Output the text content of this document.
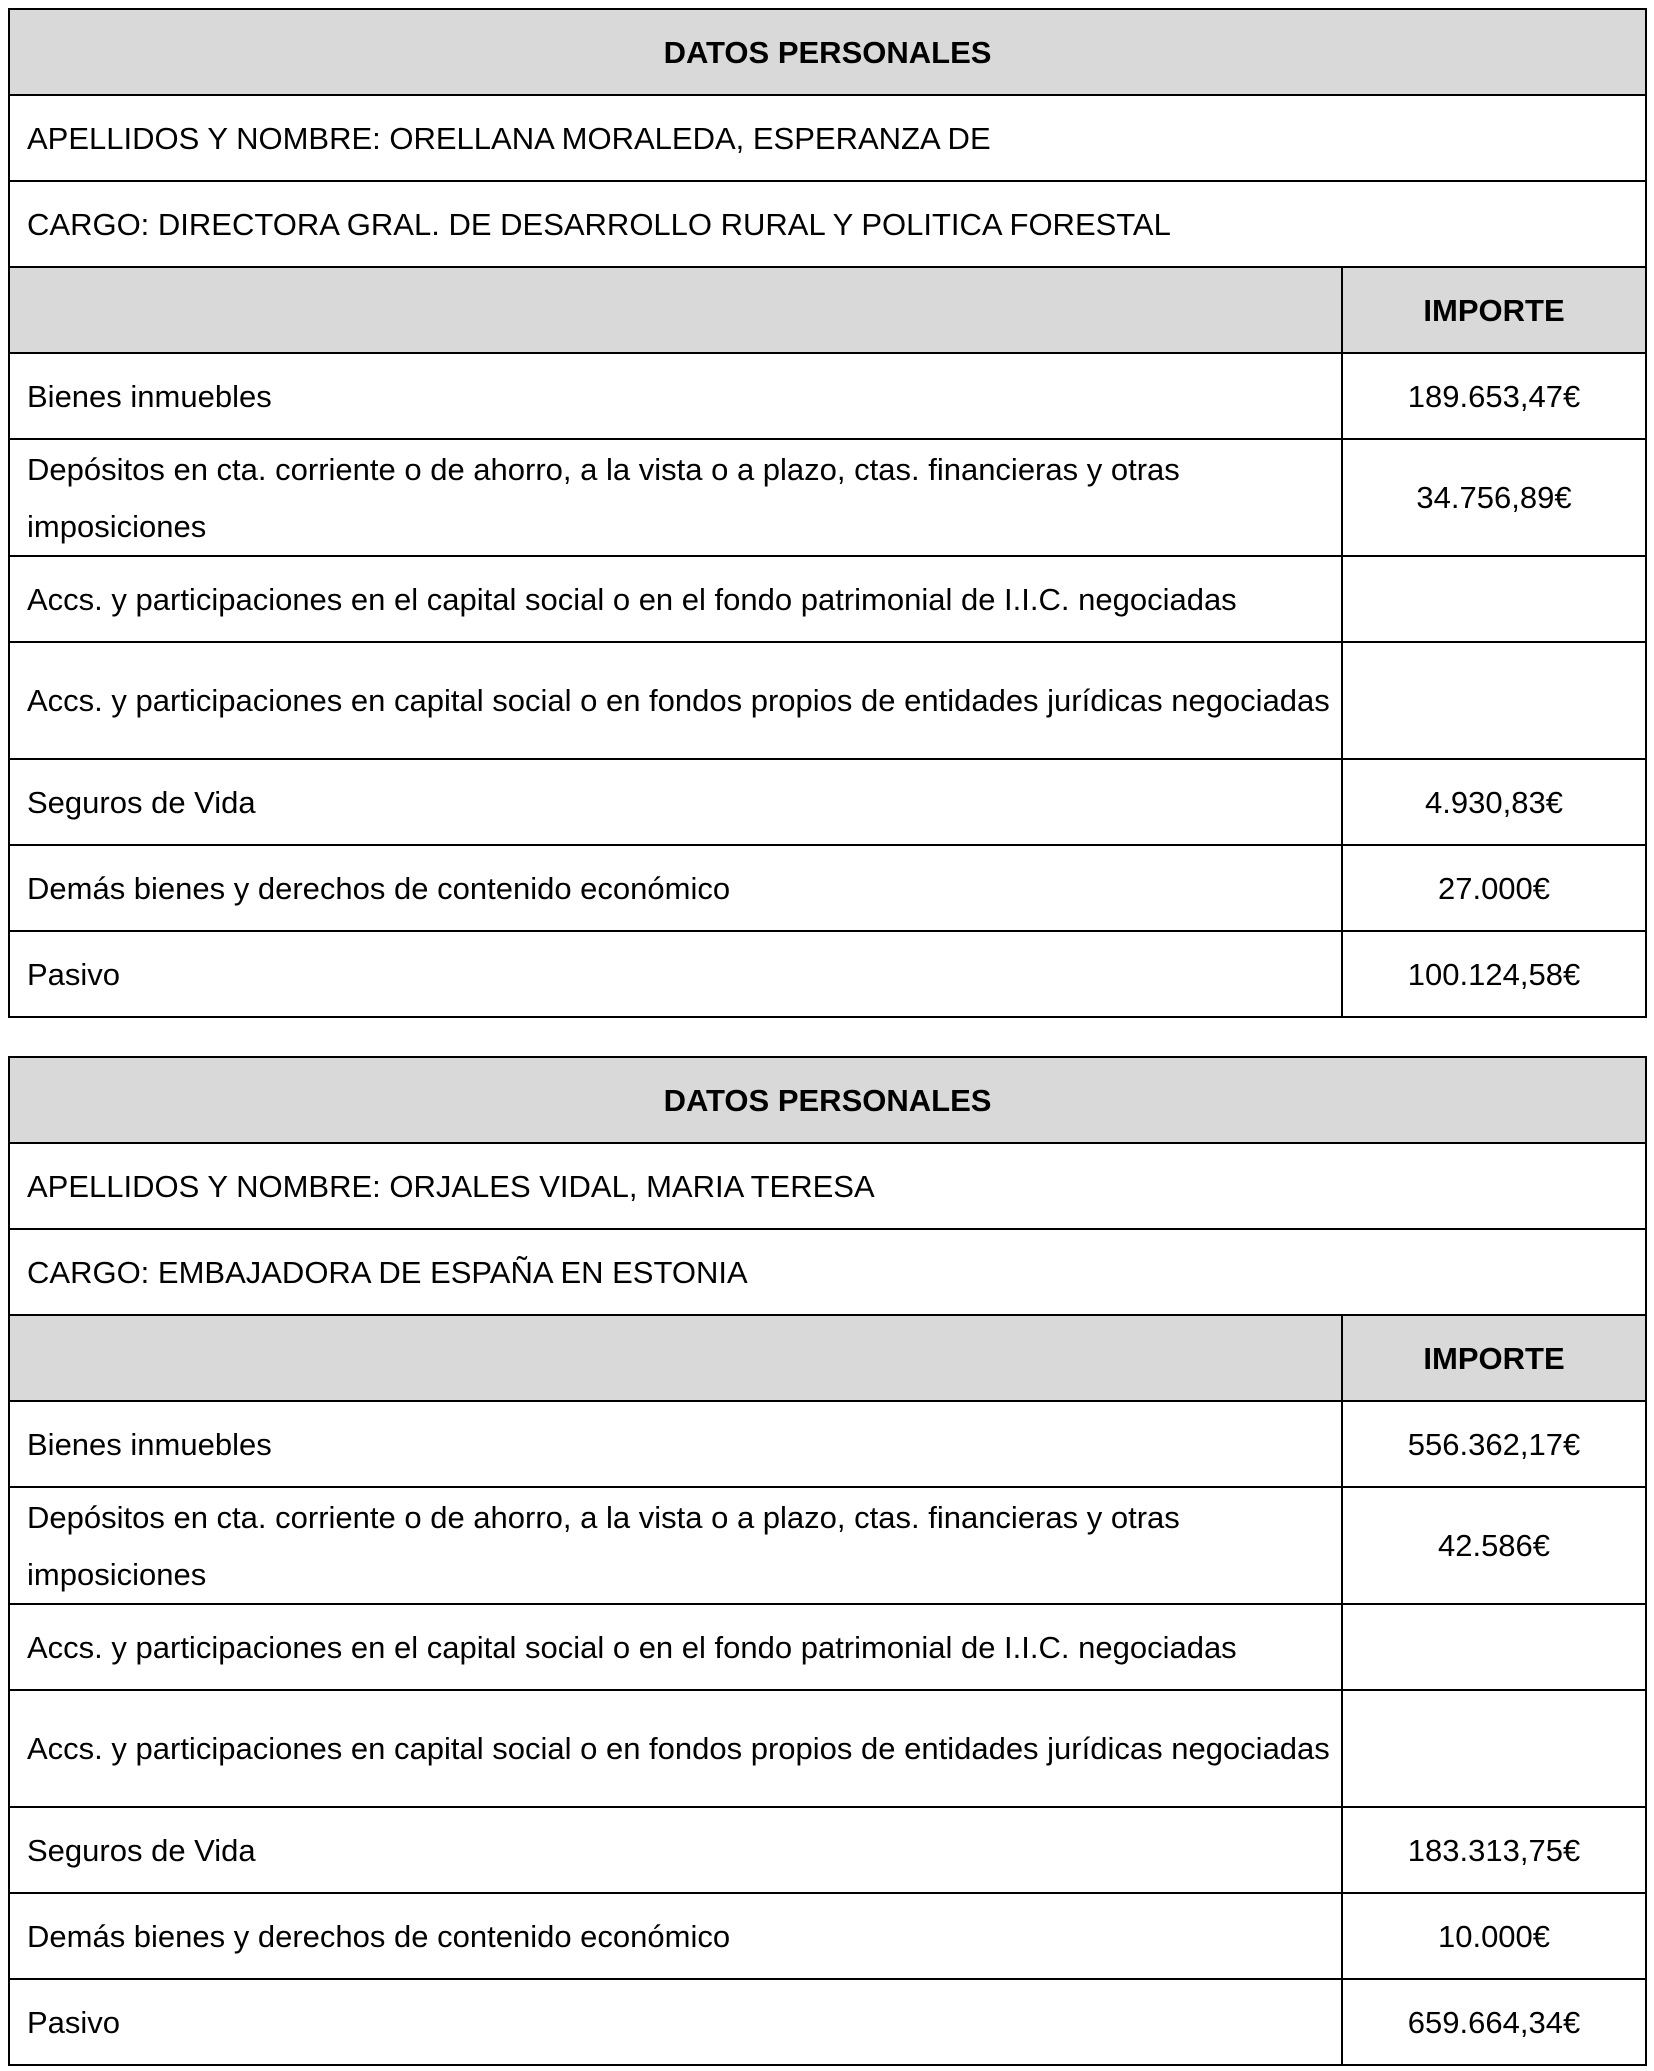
DATOS PERSONALES	
APELLIDOS Y NOMBRE: ORELLANA MORALEDA, ESPERANZA DE	
CARGO: DIRECTORA GRAL. DE DESARROLLO RURAL Y POLITICA FORESTAL	
	IMPORTE
Bienes inmuebles	189.653,47€
Depósitos en cta. corriente o de ahorro, a la vista o a plazo, ctas. financieras y otras imposiciones	34.756,89€
Accs. y participaciones en el capital social o en el fondo patrimonial de I.I.C. negociadas	
Accs. y participaciones en capital social o en fondos propios de entidades jurídicas negociadas	
Seguros de Vida	4.930,83€
Demás bienes y derechos de contenido económico	27.000€
Pasivo	100.124,58€
DATOS PERSONALES	
APELLIDOS Y NOMBRE: ORJALES VIDAL, MARIA TERESA	
CARGO: EMBAJADORA DE ESPAÑA EN ESTONIA	
	IMPORTE
Bienes inmuebles	556.362,17€
Depósitos en cta. corriente o de ahorro, a la vista o a plazo, ctas. financieras y otras imposiciones	42.586€
Accs. y participaciones en el capital social o en el fondo patrimonial de I.I.C. negociadas	
Accs. y participaciones en capital social o en fondos propios de entidades jurídicas negociadas	
Seguros de Vida	183.313,75€
Demás bienes y derechos de contenido económico	10.000€
Pasivo	659.664,34€
